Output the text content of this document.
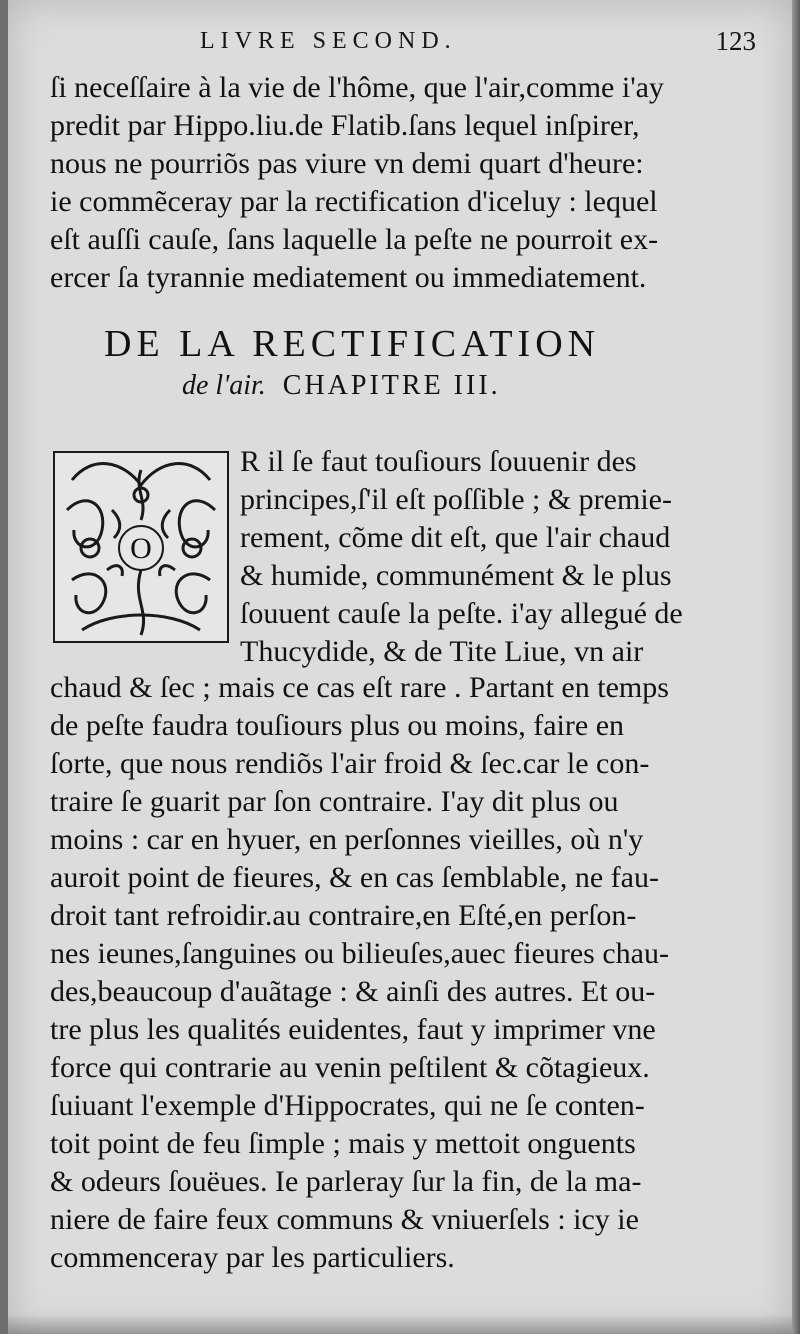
LIVRE SECOND.	123
ſi neceſſaire à la vie de l'hôme, que l'air,comme i'ay
predit par Hippo.liu.de Flatib.ſans lequel inſpirer,
nous ne pourriõs pas viure vn demi quart d'heure:
ie commẽceray par la rectification d'iceluy : lequel
eſt auſſi cauſe, ſans laquelle la peſte ne pourroit ex-
ercer ſa tyrannie mediatement ou immediatement.
DE LA RECTIFICATION
de l'air. CHAPITRE III.
O
R il ſe faut touſiours ſouuenir des
principes,ſ'il eſt poſſible ; & premie-
rement, cõme dit eſt, que l'air chaud
& humide, communément & le plus
ſouuent cauſe la peſte. i'ay allegué de
Thucydide, & de Tite Liue, vn air
chaud & ſec ; mais ce cas eſt rare . Partant en temps
de peſte faudra touſiours plus ou moins, faire en
ſorte, que nous rendiõs l'air froid & ſec.car le con-
traire ſe guarit par ſon contraire. I'ay dit plus ou
moins : car en hyuer, en perſonnes vieilles, où n'y
auroit point de fieures, & en cas ſemblable, ne fau-
droit tant refroidir.au contraire,en Eſté,en perſon-
nes ieunes,ſanguines ou bilieuſes,auec fieures chau-
des,beaucoup d'auãtage : & ainſi des autres. Et ou-
tre plus les qualités euidentes, faut y imprimer vne
force qui contrarie au venin peſtilent & cõtagieux.
ſuiuant l'exemple d'Hippocrates, qui ne ſe conten-
toit point de feu ſimple ; mais y mettoit onguents
& odeurs ſouëues. Ie parleray ſur la fin, de la ma-
niere de faire feux communs & vniuerſels : icy ie
commenceray par les particuliers.
